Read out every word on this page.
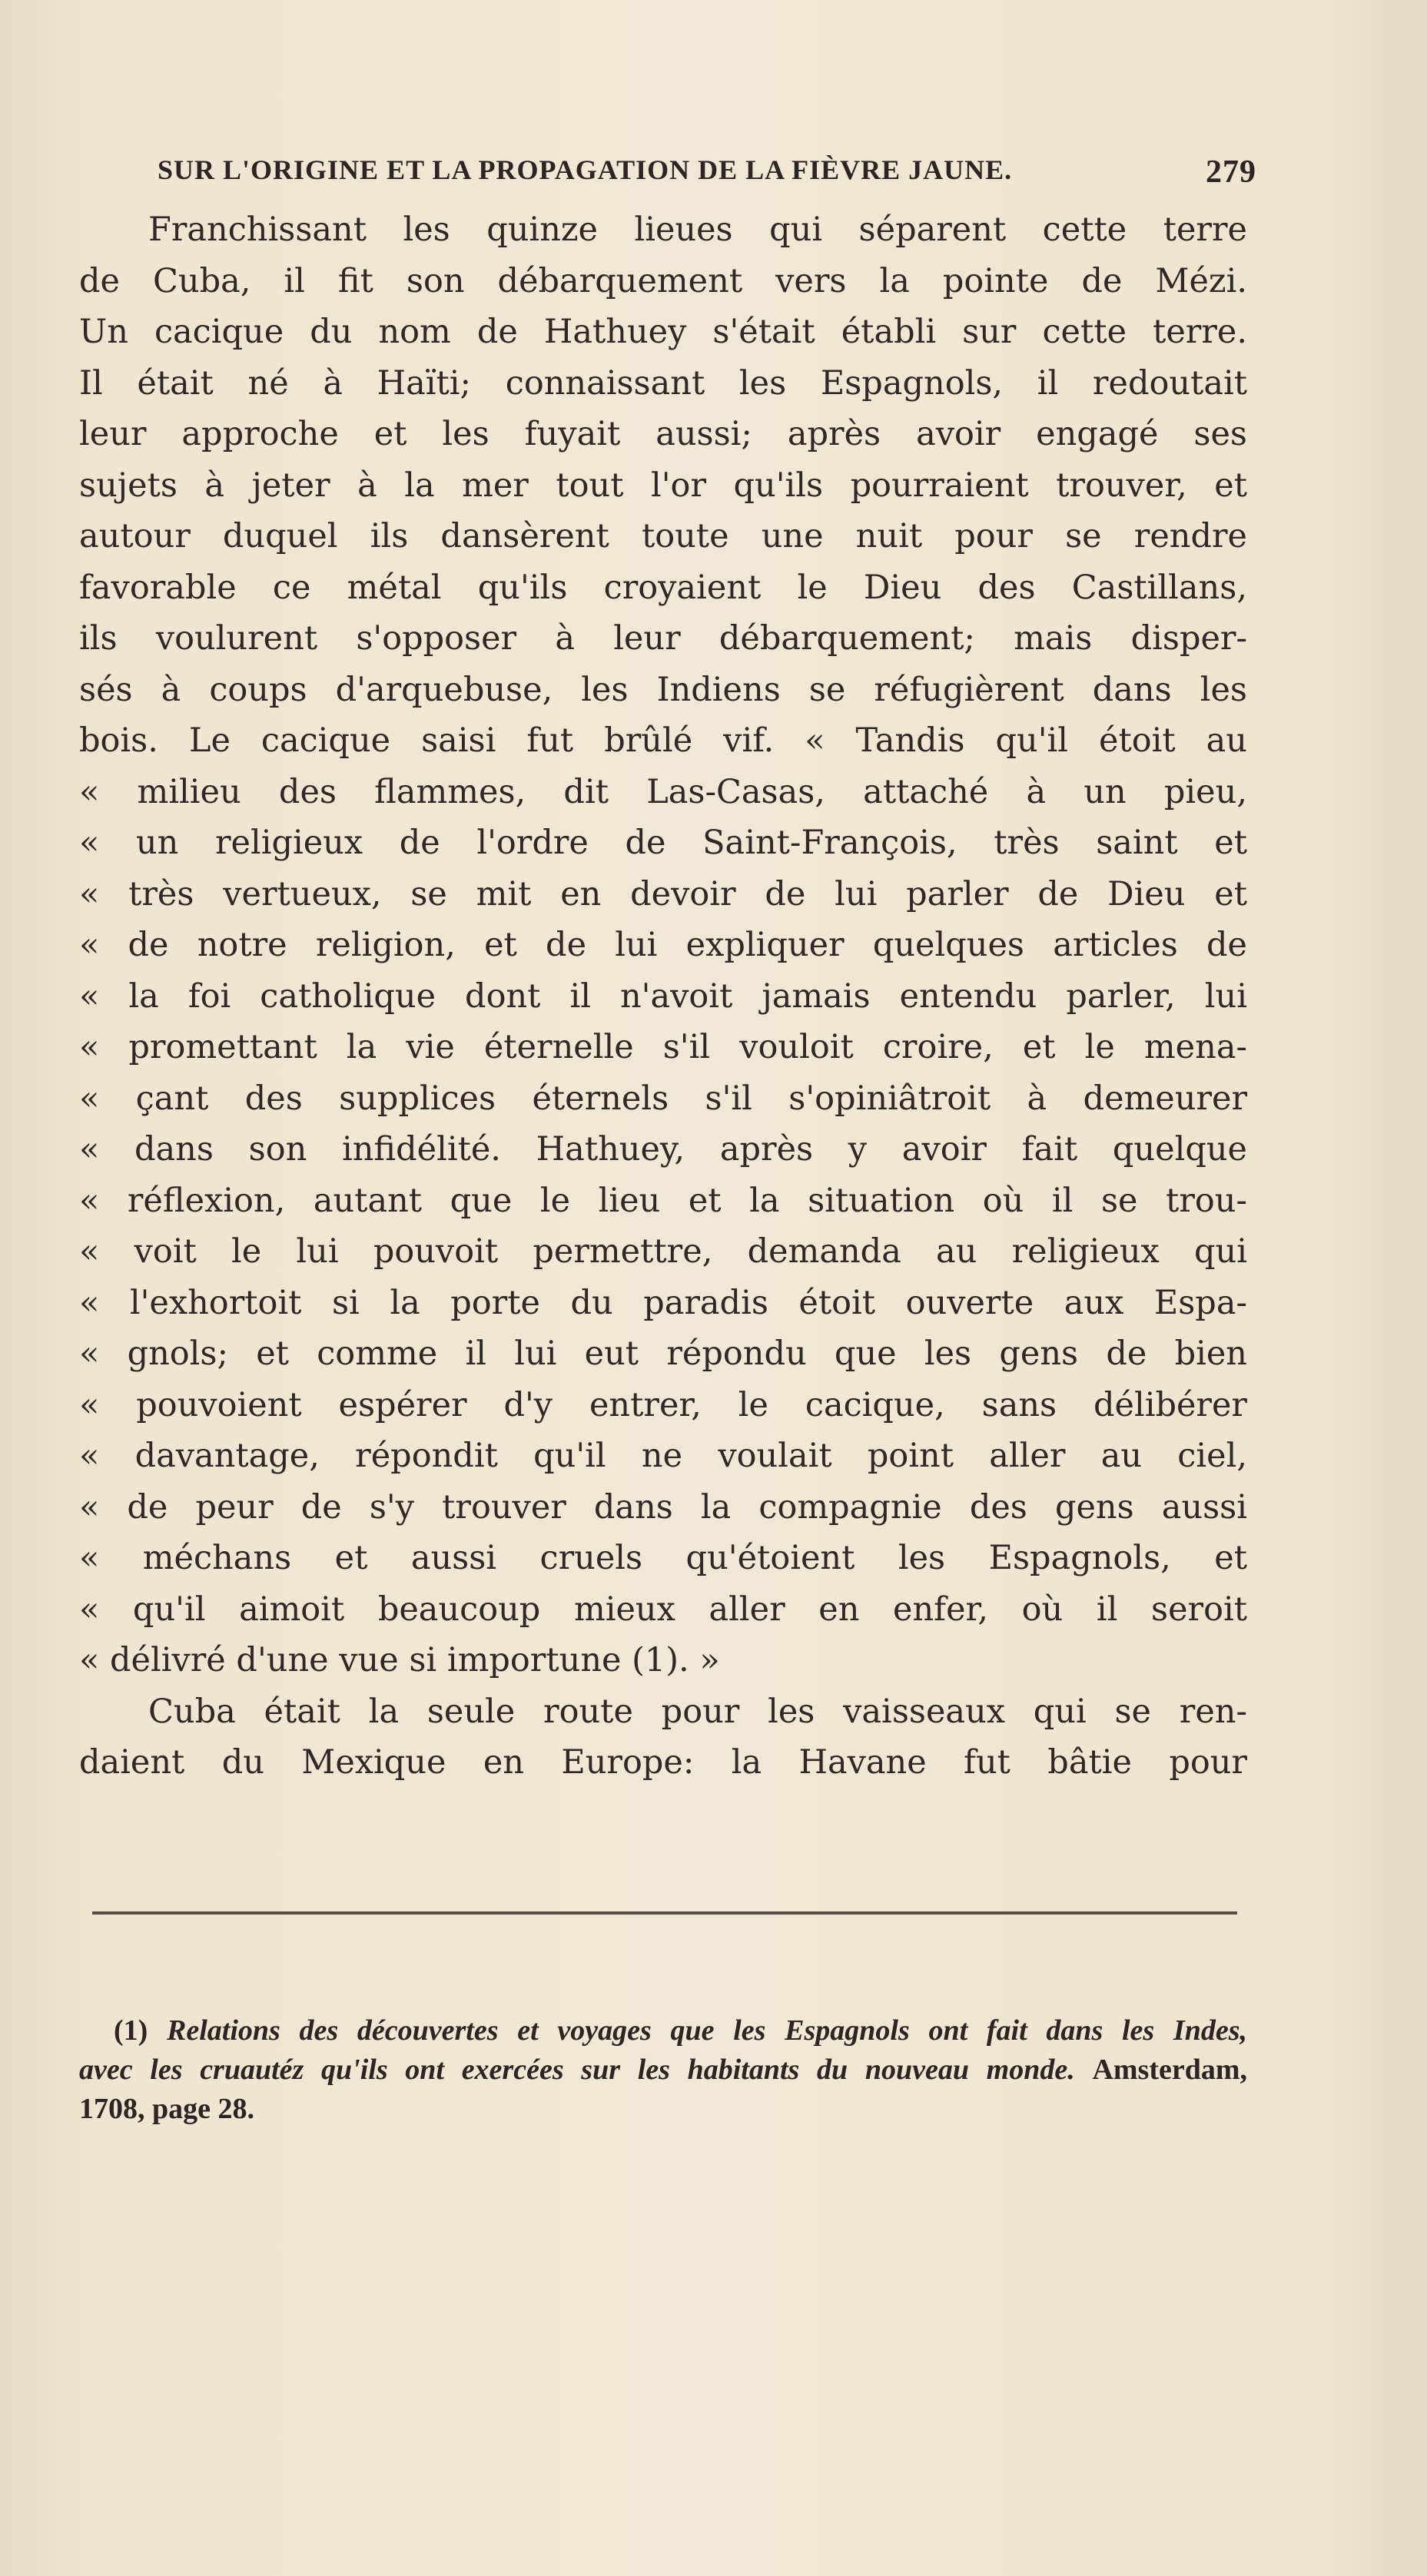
SUR L'ORIGINE ET LA PROPAGATION DE LA FIÈVRE JAUNE.	279
Franchissant les quinze lieues qui séparent cette terre
de Cuba, il fit son débarquement vers la pointe de Mézi.
Un cacique du nom de Hathuey s'était établi sur cette terre.
Il était né à Haïti; connaissant les Espagnols, il redoutait
leur approche et les fuyait aussi; après avoir engagé ses
sujets à jeter à la mer tout l'or qu'ils pourraient trouver, et
autour duquel ils dansèrent toute une nuit pour se rendre
favorable ce métal qu'ils croyaient le Dieu des Castillans,
ils voulurent s'opposer à leur débarquement; mais disper-
sés à coups d'arquebuse, les Indiens se réfugièrent dans les
bois. Le cacique saisi fut brûlé vif. « Tandis qu'il étoit au
« milieu des flammes, dit Las-Casas, attaché à un pieu,
« un religieux de l'ordre de Saint-François, très saint et
« très vertueux, se mit en devoir de lui parler de Dieu et
« de notre religion, et de lui expliquer quelques articles de
« la foi catholique dont il n'avoit jamais entendu parler, lui
« promettant la vie éternelle s'il vouloit croire, et le mena-
« çant des supplices éternels s'il s'opiniâtroit à demeurer
« dans son infidélité. Hathuey, après y avoir fait quelque
« réflexion, autant que le lieu et la situation où il se trou-
« voit le lui pouvoit permettre, demanda au religieux qui
« l'exhortoit si la porte du paradis étoit ouverte aux Espa-
« gnols; et comme il lui eut répondu que les gens de bien
« pouvoient espérer d'y entrer, le cacique, sans délibérer
« davantage, répondit qu'il ne voulait point aller au ciel,
« de peur de s'y trouver dans la compagnie des gens aussi
« méchans et aussi cruels qu'étoient les Espagnols, et
« qu'il aimoit beaucoup mieux aller en enfer, où il seroit
« délivré d'une vue si importune (1). »
Cuba était la seule route pour les vaisseaux qui se ren-
daient du Mexique en Europe: la Havane fut bâtie pour
(1) Relations des découvertes et voyages que les Espagnols ont fait dans les Indes,
avec les cruautéz qu'ils ont exercées sur les habitants du nouveau monde. Amsterdam,
1708, page 28.
